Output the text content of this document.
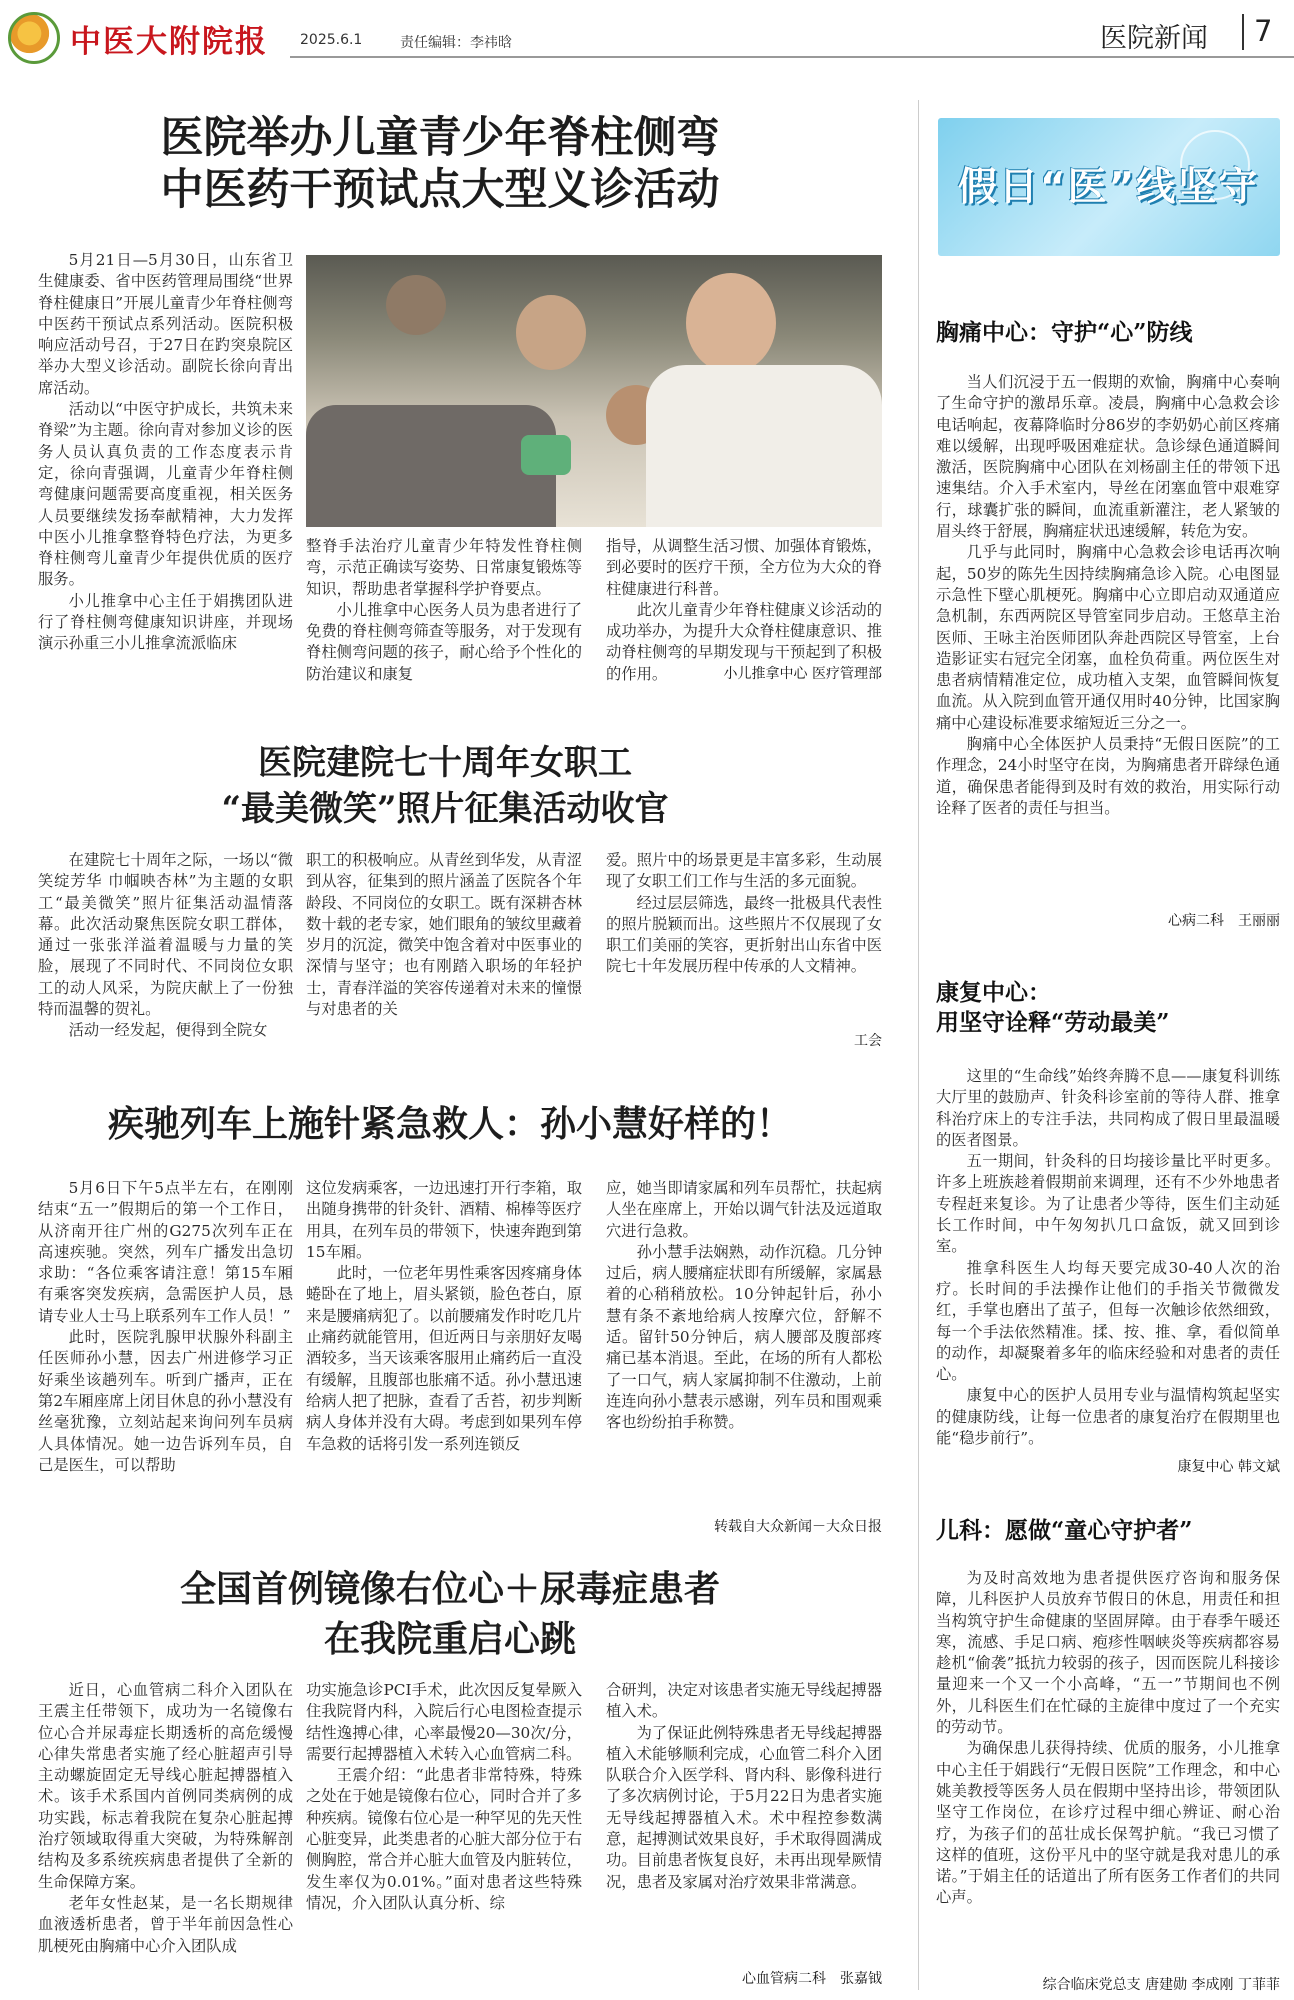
中医大附院报 2025.6.1	责任编辑：李祎晗	医院新闻 7
医院举办儿童青少年脊柱侧弯
中医药干预试点大型义诊活动

5月21日—5月30日，山东省卫生健康委、省中医药管理局围绕“世界脊柱健康日”开展儿童青少年脊柱侧弯中医药干预试点系列活动。医院积极响应活动号召，于27日在趵突泉院区举办大型义诊活动。副院长徐向青出席活动。

活动以“中医守护成长，共筑未来脊梁”为主题。徐向青对参加义诊的医务人员认真负责的工作态度表示肯定，徐向青强调，儿童青少年脊柱侧弯健康问题需要高度重视，相关医务人员要继续发扬奉献精神，大力发挥中医小儿推拿整脊特色疗法，为更多脊柱侧弯儿童青少年提供优质的医疗服务。

小儿推拿中心主任于娟携团队进行了脊柱侧弯健康知识讲座，并现场演示孙重三小儿推拿流派临床

整脊手法治疗儿童青少年特发性脊柱侧弯，示范正确读写姿势、日常康复锻炼等知识，帮助患者掌握科学护脊要点。

小儿推拿中心医务人员为患者进行了免费的脊柱侧弯筛查等服务，对于发现有脊柱侧弯问题的孩子，耐心给予个性化的防治建议和康复

指导，从调整生活习惯、加强体育锻炼，到必要时的医疗干预，全方位为大众的脊柱健康进行科普。

此次儿童青少年脊柱健康义诊活动的成功举办，为提升大众脊柱健康意识、推动脊柱侧弯的早期发现与干预起到了积极的作用。	小儿推拿中心 医疗管理部
医院建院七十周年女职工
“最美微笑”照片征集活动收官

在建院七十周年之际，一场以“微笑绽芳华 巾帼映杏林”为主题的女职工“最美微笑”照片征集活动温情落幕。此次活动聚焦医院女职工群体，通过一张张洋溢着温暖与力量的笑脸，展现了不同时代、不同岗位女职工的动人风采，为院庆献上了一份独特而温馨的贺礼。

活动一经发起，便得到全院女

职工的积极响应。从青丝到华发，从青涩到从容，征集到的照片涵盖了医院各个年龄段、不同岗位的女职工。既有深耕杏林数十载的老专家，她们眼角的皱纹里藏着岁月的沉淀，微笑中饱含着对中医事业的深情与坚守；也有刚踏入职场的年轻护士，青春洋溢的笑容传递着对未来的憧憬与对患者的关

爱。照片中的场景更是丰富多彩，生动展现了女职工们工作与生活的多元面貌。

经过层层筛选，最终一批极具代表性的照片脱颖而出。这些照片不仅展现了女职工们美丽的笑容，更折射出山东省中医院七十年发展历程中传承的人文精神。

工会
疾驰列车上施针紧急救人：孙小慧好样的！

5月6日下午5点半左右，在刚刚结束“五一”假期后的第一个工作日，从济南开往广州的G275次列车正在高速疾驰。突然，列车广播发出急切求助：“各位乘客请注意！第15车厢有乘客突发疾病，急需医护人员，恳请专业人士马上联系列车工作人员！”

此时，医院乳腺甲状腺外科副主任医师孙小慧，因去广州进修学习正好乘坐该趟列车。听到广播声，正在第2车厢座席上闭目休息的孙小慧没有丝毫犹豫，立刻站起来询问列车员病人具体情况。她一边告诉列车员，自己是医生，可以帮助

这位发病乘客，一边迅速打开行李箱，取出随身携带的针灸针、酒精、棉棒等医疗用具，在列车员的带领下，快速奔跑到第15车厢。

此时，一位老年男性乘客因疼痛身体蜷卧在了地上，眉头紧锁，脸色苍白，原来是腰痛病犯了。以前腰痛发作时吃几片止痛药就能管用，但近两日与亲朋好友喝酒较多，当天该乘客服用止痛药后一直没有缓解，且腹部也胀痛不适。孙小慧迅速给病人把了把脉，查看了舌苔，初步判断病人身体并没有大碍。考虑到如果列车停车急救的话将引发一系列连锁反

应，她当即请家属和列车员帮忙，扶起病人坐在座席上，开始以调气针法及远道取穴进行急救。

孙小慧手法娴熟，动作沉稳。几分钟过后，病人腰痛症状即有所缓解，家属悬着的心稍稍放松。10分钟起针后，孙小慧有条不紊地给病人按摩穴位，舒解不适。留针50分钟后，病人腰部及腹部疼痛已基本消退。至此，在场的所有人都松了一口气，病人家属抑制不住激动，上前连连向孙小慧表示感谢，列车员和围观乘客也纷纷拍手称赞。

转载自大众新闻－大众日报
全国首例镜像右位心＋尿毒症患者
在我院重启心跳

近日，心血管病二科介入团队在王震主任带领下，成功为一名镜像右位心合并尿毒症长期透析的高危缓慢心律失常患者实施了经心脏超声引导主动螺旋固定无导线心脏起搏器植入术。该手术系国内首例同类病例的成功实践，标志着我院在复杂心脏起搏治疗领域取得重大突破，为特殊解剖结构及多系统疾病患者提供了全新的生命保障方案。

老年女性赵某，是一名长期规律血液透析患者，曾于半年前因急性心肌梗死由胸痛中心介入团队成

功实施急诊PCI手术，此次因反复晕厥入住我院肾内科，入院后行心电图检查提示结性逸搏心律，心率最慢20—30次/分，需要行起搏器植入术转入心血管病二科。

王震介绍：“此患者非常特殊，特殊之处在于她是镜像右位心，同时合并了多种疾病。镜像右位心是一种罕见的先天性心脏变异，此类患者的心脏大部分位于右侧胸腔，常合并心脏大血管及内脏转位，发生率仅为0.01%。”面对患者这些特殊情况，介入团队认真分析、综

合研判，决定对该患者实施无导线起搏器植入术。

为了保证此例特殊患者无导线起搏器植入术能够顺利完成，心血管二科介入团队联合介入医学科、肾内科、影像科进行了多次病例讨论，于5月22日为患者实施无导线起搏器植入术。术中程控参数满意，起搏测试效果良好，手术取得圆满成功。目前患者恢复良好，未再出现晕厥情况，患者及家属对治疗效果非常满意。

心血管病二科　张嘉钺
假日“医”线坚守
胸痛中心：守护“心”防线

当人们沉浸于五一假期的欢愉，胸痛中心奏响了生命守护的激昂乐章。凌晨，胸痛中心急救会诊电话响起，夜幕降临时分86岁的李奶奶心前区疼痛难以缓解，出现呼吸困难症状。急诊绿色通道瞬间激活，医院胸痛中心团队在刘杨副主任的带领下迅速集结。介入手术室内，导丝在闭塞血管中艰难穿行，球囊扩张的瞬间，血流重新灌注，老人紧皱的眉头终于舒展，胸痛症状迅速缓解，转危为安。

几乎与此同时，胸痛中心急救会诊电话再次响起，50岁的陈先生因持续胸痛急诊入院。心电图显示急性下壁心肌梗死。胸痛中心立即启动双通道应急机制，东西两院区导管室同步启动。王悠草主治医师、王咏主治医师团队奔赴西院区导管室，上台造影证实右冠完全闭塞，血栓负荷重。两位医生对患者病情精准定位，成功植入支架，血管瞬间恢复血流。从入院到血管开通仅用时40分钟，比国家胸痛中心建设标准要求缩短近三分之一。

胸痛中心全体医护人员秉持“无假日医院”的工作理念，24小时坚守在岗，为胸痛患者开辟绿色通道，确保患者能得到及时有效的救治，用实际行动诠释了医者的责任与担当。

心病二科　王丽丽
康复中心：
用坚守诠释“劳动最美”

这里的“生命线”始终奔腾不息——康复科训练大厅里的鼓励声、针灸科诊室前的等待人群、推拿科治疗床上的专注手法，共同构成了假日里最温暖的医者图景。

五一期间，针灸科的日均接诊量比平时更多。许多上班族趁着假期前来调理，还有不少外地患者专程赶来复诊。为了让患者少等待，医生们主动延长工作时间，中午匆匆扒几口盒饭，就又回到诊室。

推拿科医生人均每天要完成30-40人次的治疗。长时间的手法操作让他们的手指关节微微发红，手掌也磨出了茧子，但每一次触诊依然细致，每一个手法依然精准。揉、按、推、拿，看似简单的动作，却凝聚着多年的临床经验和对患者的责任心。

康复中心的医护人员用专业与温情构筑起坚实的健康防线，让每一位患者的康复治疗在假期里也能“稳步前行”。

康复中心 韩文斌
儿科：愿做“童心守护者”

为及时高效地为患者提供医疗咨询和服务保障，儿科医护人员放弃节假日的休息，用责任和担当构筑守护生命健康的坚固屏障。由于春季午暖还寒，流感、手足口病、疱疹性咽峡炎等疾病都容易趁机“偷袭”抵抗力较弱的孩子，因而医院儿科接诊量迎来一个又一个小高峰，“五一”节期间也不例外，儿科医生们在忙碌的主旋律中度过了一个充实的劳动节。

为确保患儿获得持续、优质的服务，小儿推拿中心主任于娟践行“无假日医院”工作理念，和中心姚美教授等医务人员在假期中坚持出诊，带领团队坚守工作岗位，在诊疗过程中细心辨证、耐心治疗，为孩子们的茁壮成长保驾护航。“我已习惯了这样的值班，这份平凡中的坚守就是我对患儿的承诺。”于娟主任的话道出了所有医务工作者们的共同心声。

综合临床党总支 唐建勋 李成刚 丁菲菲
